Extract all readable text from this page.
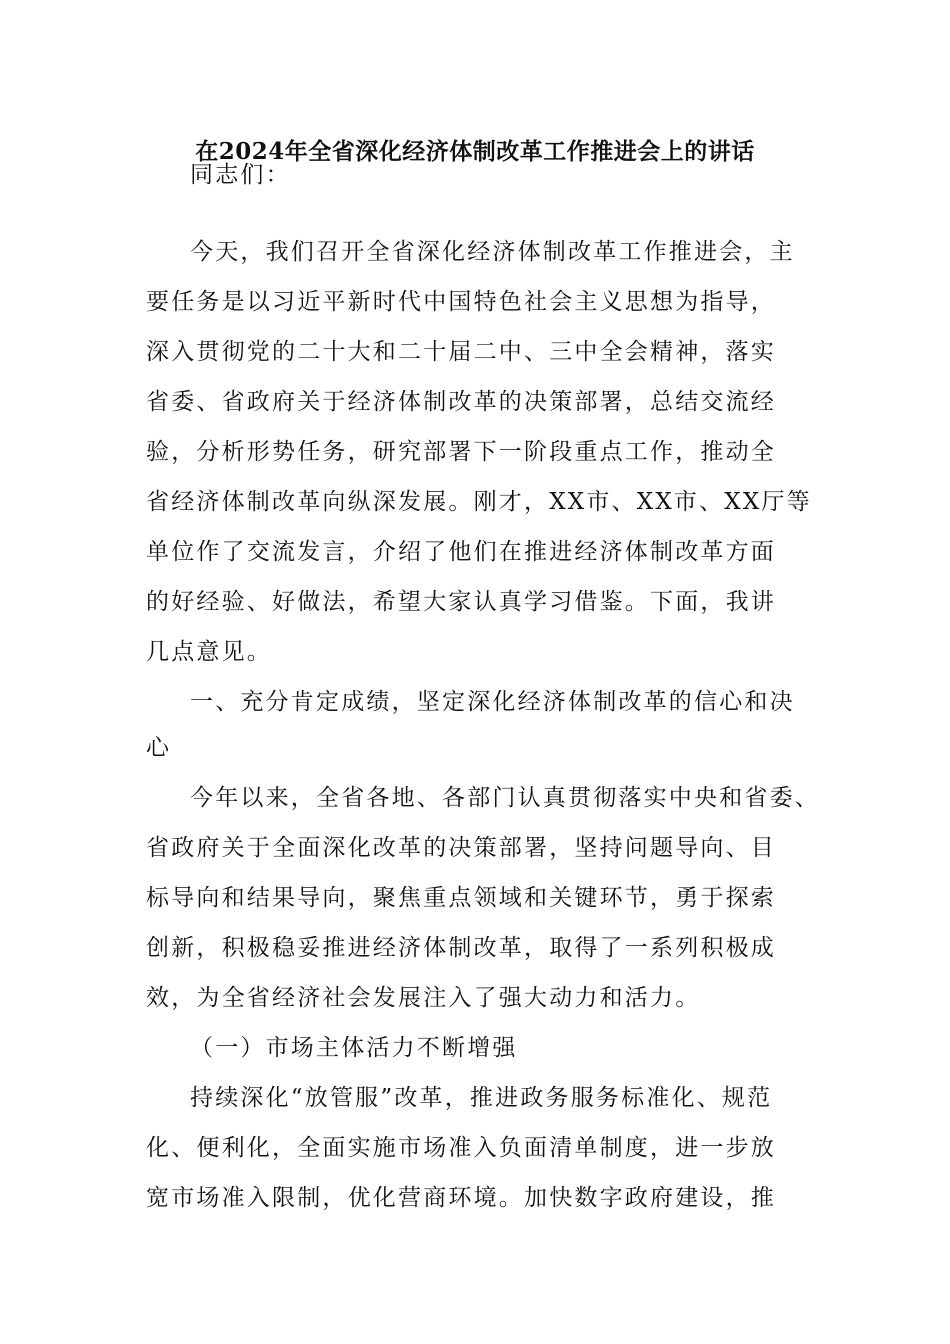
在2024年全省深化经济体制改革工作推进会上的讲话
同志们：
今天，我们召开全省深化经济体制改革工作推进会，主
要任务是以习近平新时代中国特色社会主义思想为指导，
深入贯彻党的二十大和二十届二中、三中全会精神，落实
省委、省政府关于经济体制改革的决策部署，总结交流经
验，分析形势任务，研究部署下一阶段重点工作，推动全
省经济体制改革向纵深发展。刚才，XX市、XX市、XX厅等
单位作了交流发言，介绍了他们在推进经济体制改革方面
的好经验、好做法，希望大家认真学习借鉴。下面，我讲
几点意见。
一、充分肯定成绩，坚定深化经济体制改革的信心和决
心
今年以来，全省各地、各部门认真贯彻落实中央和省委、
省政府关于全面深化改革的决策部署，坚持问题导向、目
标导向和结果导向，聚焦重点领域和关键环节，勇于探索
创新，积极稳妥推进经济体制改革，取得了一系列积极成
效，为全省经济社会发展注入了强大动力和活力。
（一）市场主体活力不断增强
持续深化“放管服”改革，推进政务服务标准化、规范
化、便利化，全面实施市场准入负面清单制度，进一步放
宽市场准入限制，优化营商环境。加快数字政府建设，推
